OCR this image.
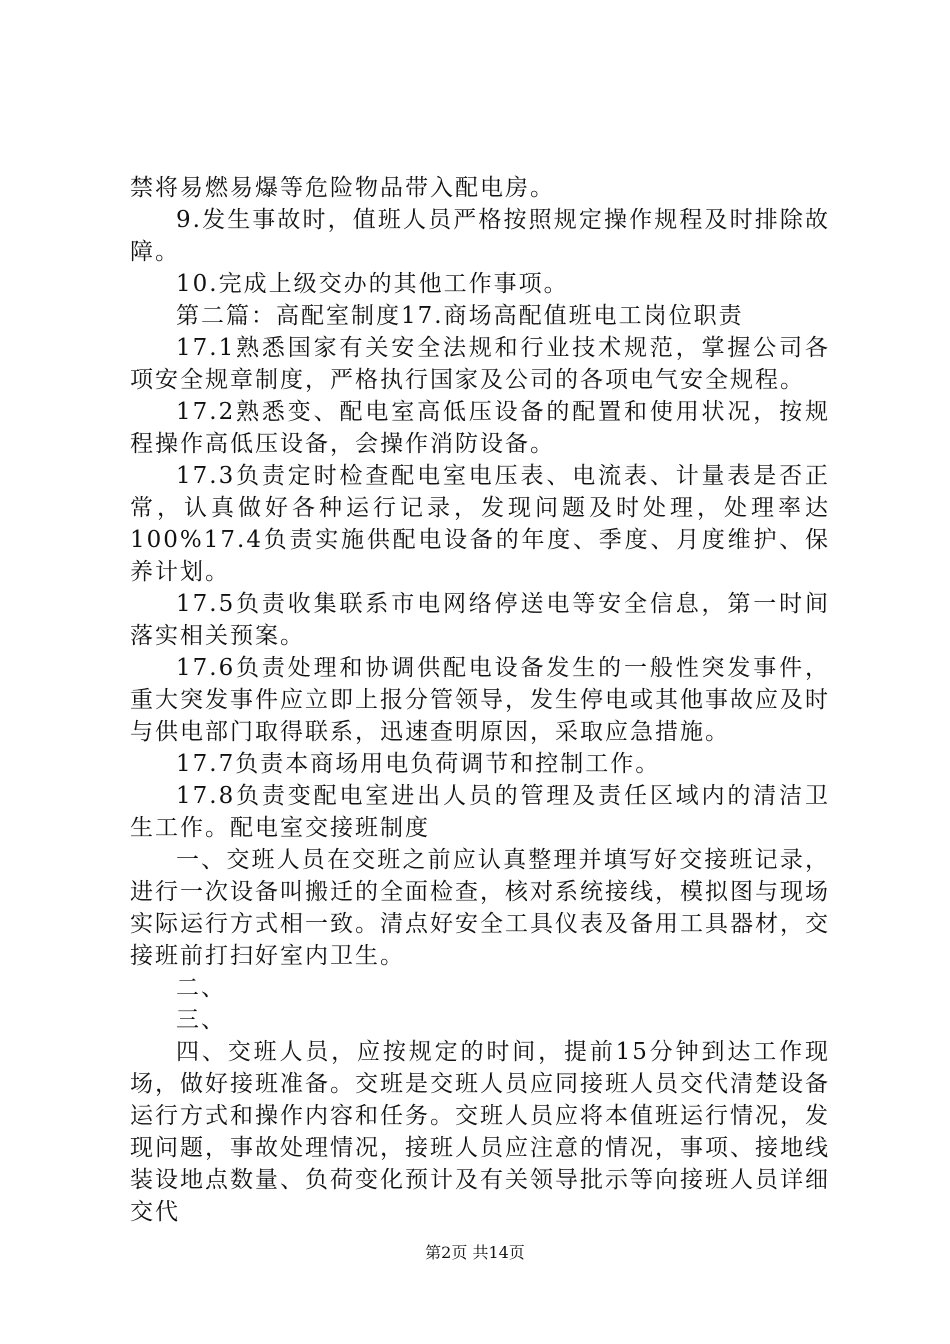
禁将易燃易爆等危险物品带入配电房。

9.发生事故时，值班人员严格按照规定操作规程及时排除故障。

10.完成上级交办的其他工作事项。

第二篇：高配室制度17.商场高配值班电工岗位职责

17.1熟悉国家有关安全法规和行业技术规范，掌握公司各项安全规章制度，严格执行国家及公司的各项电气安全规程。

17.2熟悉变、配电室高低压设备的配置和使用状况，按规程操作高低压设备，会操作消防设备。

17.3负责定时检查配电室电压表、电流表、计量表是否正常，认真做好各种运行记录，发现问题及时处理，处理率达100%17.4负责实施供配电设备的年度、季度、月度维护、保养计划。

17.5负责收集联系市电网络停送电等安全信息，第一时间落实相关预案。

17.6负责处理和协调供配电设备发生的一般性突发事件，重大突发事件应立即上报分管领导，发生停电或其他事故应及时与供电部门取得联系，迅速查明原因，采取应急措施。

17.7负责本商场用电负荷调节和控制工作。

17.8负责变配电室进出人员的管理及责任区域内的清洁卫生工作。配电室交接班制度

一、交班人员在交班之前应认真整理并填写好交接班记录，进行一次设备叫搬迁的全面检查，核对系统接线，模拟图与现场实际运行方式相一致。清点好安全工具仪表及备用工具器材，交接班前打扫好室内卫生。

二、

三、

四、交班人员，应按规定的时间，提前15分钟到达工作现场，做好接班准备。交班是交班人员应同接班人员交代清楚设备运行方式和操作内容和任务。交班人员应将本值班运行情况，发现问题，事故处理情况，接班人员应注意的情况，事项、接地线装设地点数量、负荷变化预计及有关领导批示等向接班人员详细交代

第2页 共14页
